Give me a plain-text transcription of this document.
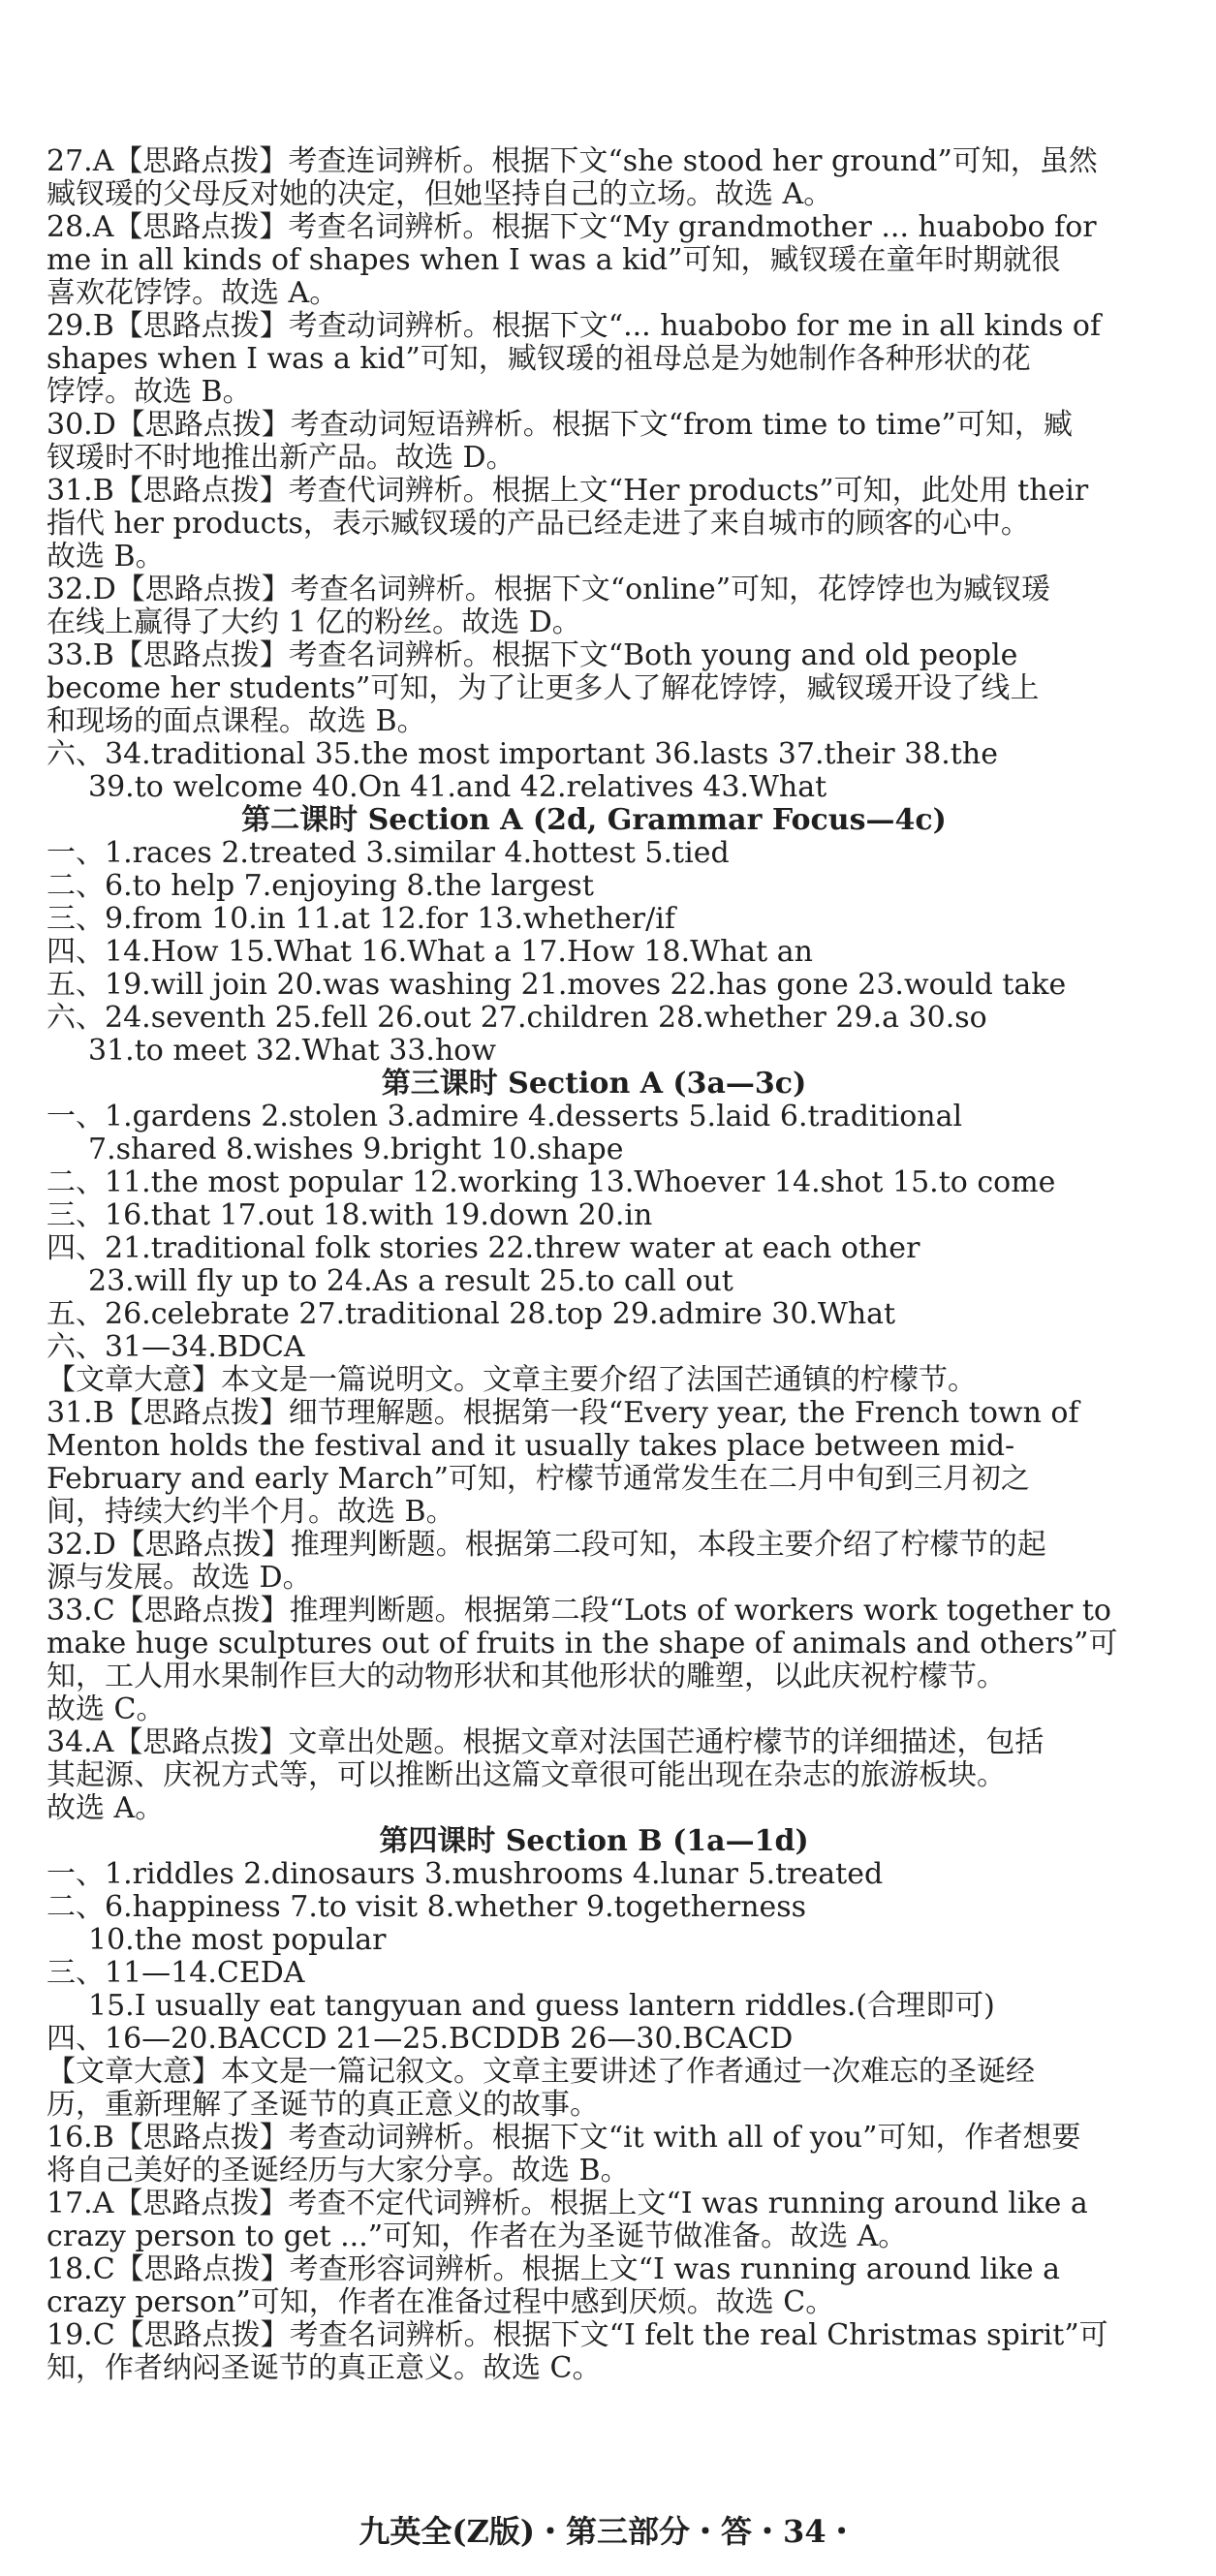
27.A【思路点拨】考查连词辨析。根据下文“she stood her ground”可知，虽然
臧钗瑗的父母反对她的决定，但她坚持自己的立场。故选 A。
28.A【思路点拨】考查名词辨析。根据下文“My grandmother ... huabobo for
me in all kinds of shapes when I was a kid”可知，臧钗瑗在童年时期就很
喜欢花饽饽。故选 A。
29.B【思路点拨】考查动词辨析。根据下文“... huabobo for me in all kinds of
shapes when I was a kid”可知，臧钗瑗的祖母总是为她制作各种形状的花
饽饽。故选 B。
30.D【思路点拨】考查动词短语辨析。根据下文“from time to time”可知，臧
钗瑗时不时地推出新产品。故选 D。
31.B【思路点拨】考查代词辨析。根据上文“Her products”可知，此处用 their
指代 her products，表示臧钗瑗的产品已经走进了来自城市的顾客的心中。
故选 B。
32.D【思路点拨】考查名词辨析。根据下文“online”可知，花饽饽也为臧钗瑗
在线上赢得了大约 1 亿的粉丝。故选 D。
33.B【思路点拨】考查名词辨析。根据下文“Both young and old people
become her students”可知，为了让更多人了解花饽饽，臧钗瑗开设了线上
和现场的面点课程。故选 B。
六、34.traditional 35.the most important 36.lasts 37.their 38.the
39.to welcome 40.On 41.and 42.relatives 43.What
第二课时 Section A (2d, Grammar Focus—4c)
一、1.races 2.treated 3.similar 4.hottest 5.tied
二、6.to help 7.enjoying 8.the largest
三、9.from 10.in 11.at 12.for 13.whether/if
四、14.How 15.What 16.What a 17.How 18.What an
五、19.will join 20.was washing 21.moves 22.has gone 23.would take
六、24.seventh 25.fell 26.out 27.children 28.whether 29.a 30.so
31.to meet 32.What 33.how
第三课时 Section A (3a—3c)
一、1.gardens 2.stolen 3.admire 4.desserts 5.laid 6.traditional
7.shared 8.wishes 9.bright 10.shape
二、11.the most popular 12.working 13.Whoever 14.shot 15.to come
三、16.that 17.out 18.with 19.down 20.in
四、21.traditional folk stories 22.threw water at each other
23.will fly up to 24.As a result 25.to call out
五、26.celebrate 27.traditional 28.top 29.admire 30.What
六、31—34.BDCA
【文章大意】本文是一篇说明文。文章主要介绍了法国芒通镇的柠檬节。
31.B【思路点拨】细节理解题。根据第一段“Every year, the French town of
Menton holds the festival and it usually takes place between mid-
February and early March”可知，柠檬节通常发生在二月中旬到三月初之
间，持续大约半个月。故选 B。
32.D【思路点拨】推理判断题。根据第二段可知，本段主要介绍了柠檬节的起
源与发展。故选 D。
33.C【思路点拨】推理判断题。根据第二段“Lots of workers work together to
make huge sculptures out of fruits in the shape of animals and others”可
知，工人用水果制作巨大的动物形状和其他形状的雕塑，以此庆祝柠檬节。
故选 C。
34.A【思路点拨】文章出处题。根据文章对法国芒通柠檬节的详细描述，包括
其起源、庆祝方式等，可以推断出这篇文章很可能出现在杂志的旅游板块。
故选 A。
第四课时 Section B (1a—1d)
一、1.riddles 2.dinosaurs 3.mushrooms 4.lunar 5.treated
二、6.happiness 7.to visit 8.whether 9.togetherness
10.the most popular
三、11—14.CEDA
15.I usually eat tangyuan and guess lantern riddles.(合理即可)
四、16—20.BACCD 21—25.BCDDB 26—30.BCACD
【文章大意】本文是一篇记叙文。文章主要讲述了作者通过一次难忘的圣诞经
历，重新理解了圣诞节的真正意义的故事。
16.B【思路点拨】考查动词辨析。根据下文“it with all of you”可知，作者想要
将自己美好的圣诞经历与大家分享。故选 B。
17.A【思路点拨】考查不定代词辨析。根据上文“I was running around like a
crazy person to get ...”可知，作者在为圣诞节做准备。故选 A。
18.C【思路点拨】考查形容词辨析。根据上文“I was running around like a
crazy person”可知，作者在准备过程中感到厌烦。故选 C。
19.C【思路点拨】考查名词辨析。根据下文“I felt the real Christmas spirit”可
知，作者纳闷圣诞节的真正意义。故选 C。
九英全(Z版)・第三部分・答・34・
